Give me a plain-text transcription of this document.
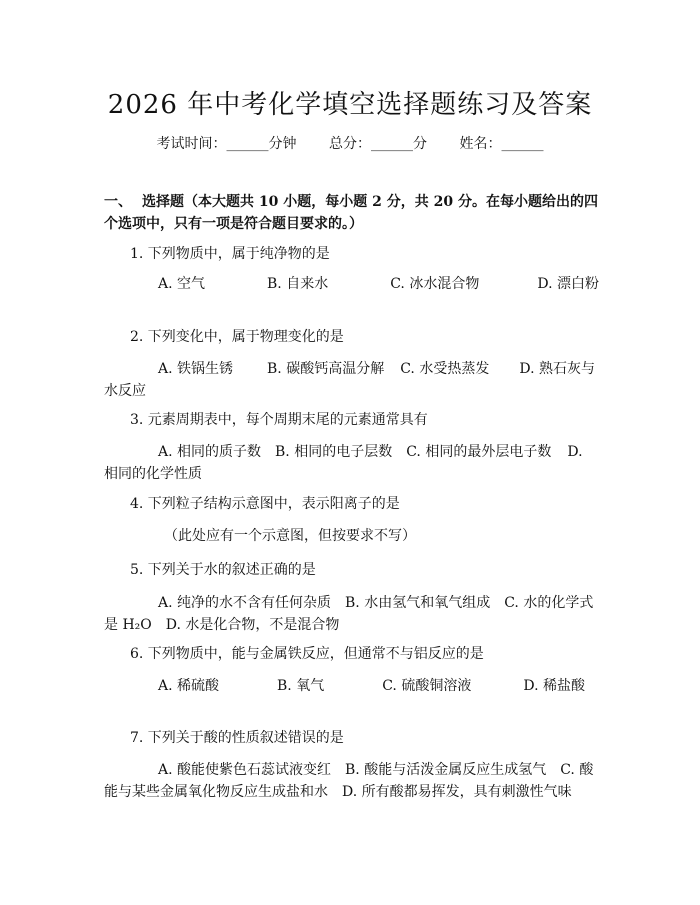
2026 年中考化学填空选择题练习及答案
考试时间：______分钟 总分：______分 姓名：______
一、 选择题（本大题共 10 小题，每小题 2 分，共 20 分。在每小题给出的四个选项中，只有一项是符合题目要求的。）
1. 下列物质中，属于纯净物的是
A. 空气	B. 自来水	C. 冰水混合物	D. 漂白粉
2. 下列变化中，属于物理变化的是
A. 铁锅生锈 B. 碳酸钙高温分解 C. 水受热蒸发 D. 熟石灰与水反应
3. 元素周期表中，每个周期末尾的元素通常具有
A. 相同的质子数 B. 相同的电子层数 C. 相同的最外层电子数 D. 相同的化学性质
4. 下列粒子结构示意图中，表示阳离子的是
（此处应有一个示意图，但按要求不写）
5. 下列关于水的叙述正确的是
A. 纯净的水不含有任何杂质 B. 水由氢气和氧气组成 C. 水的化学式是 H₂O D. 水是化合物，不是混合物
6. 下列物质中，能与金属铁反应，但通常不与铝反应的是
A. 稀硫酸	B. 氧气	C. 硫酸铜溶液	D. 稀盐酸
7. 下列关于酸的性质叙述错误的是
A. 酸能使紫色石蕊试液变红 B. 酸能与活泼金属反应生成氢气 C. 酸能与某些金属氧化物反应生成盐和水 D. 所有酸都易挥发，具有刺激性气味
